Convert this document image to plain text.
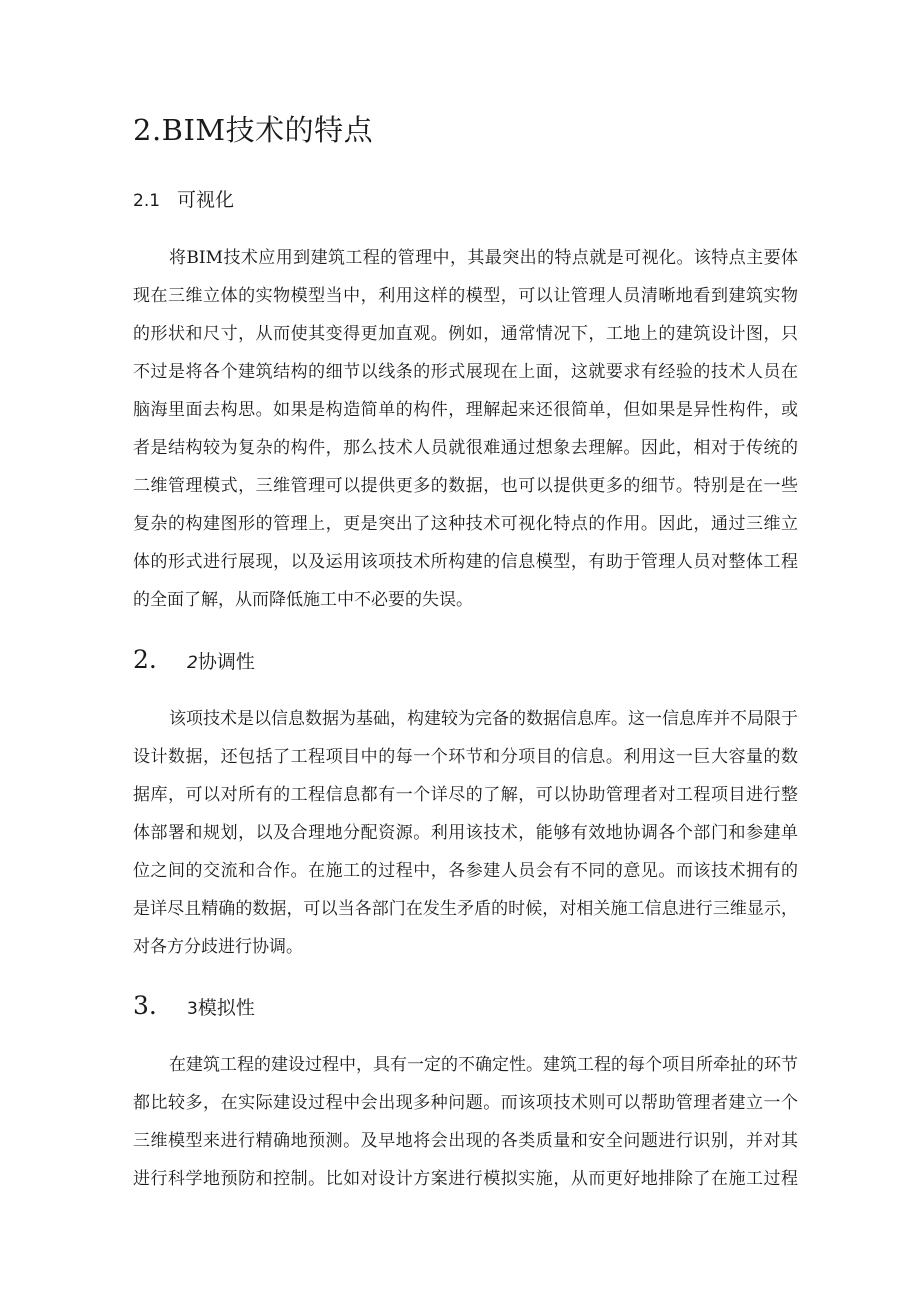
2.BIM技术的特点
2.1 可视化
将BIM技术应用到建筑工程的管理中，其最突出的特点就是可视化。该特点主要体
现在三维立体的实物模型当中，利用这样的模型，可以让管理人员清晰地看到建筑实物
的形状和尺寸，从而使其变得更加直观。例如，通常情况下，工地上的建筑设计图，只
不过是将各个建筑结构的细节以线条的形式展现在上面，这就要求有经验的技术人员在
脑海里面去构思。如果是构造简单的构件，理解起来还很简单，但如果是异性构件，或
者是结构较为复杂的构件，那么技术人员就很难通过想象去理解。因此，相对于传统的
二维管理模式，三维管理可以提供更多的数据，也可以提供更多的细节。特别是在一些
复杂的构建图形的管理上，更是突出了这种技术可视化特点的作用。因此，通过三维立
体的形式进行展现，以及运用该项技术所构建的信息模型，有助于管理人员对整体工程
的全面了解，从而降低施工中不必要的失误。
2. 2协调性
该项技术是以信息数据为基础，构建较为完备的数据信息库。这一信息库并不局限于
设计数据，还包括了工程项目中的每一个环节和分项目的信息。利用这一巨大容量的数
据库，可以对所有的工程信息都有一个详尽的了解，可以协助管理者对工程项目进行整
体部署和规划，以及合理地分配资源。利用该技术，能够有效地协调各个部门和参建单
位之间的交流和合作。在施工的过程中，各参建人员会有不同的意见。而该技术拥有的
是详尽且精确的数据，可以当各部门在发生矛盾的时候，对相关施工信息进行三维显示，
对各方分歧进行协调。
3. 3模拟性
在建筑工程的建设过程中，具有一定的不确定性。建筑工程的每个项目所牵扯的环节
都比较多，在实际建设过程中会出现多种问题。而该项技术则可以帮助管理者建立一个
三维模型来进行精确地预测。及早地将会出现的各类质量和安全问题进行识别，并对其
进行科学地预防和控制。比如对设计方案进行模拟实施，从而更好地排除了在施工过程
